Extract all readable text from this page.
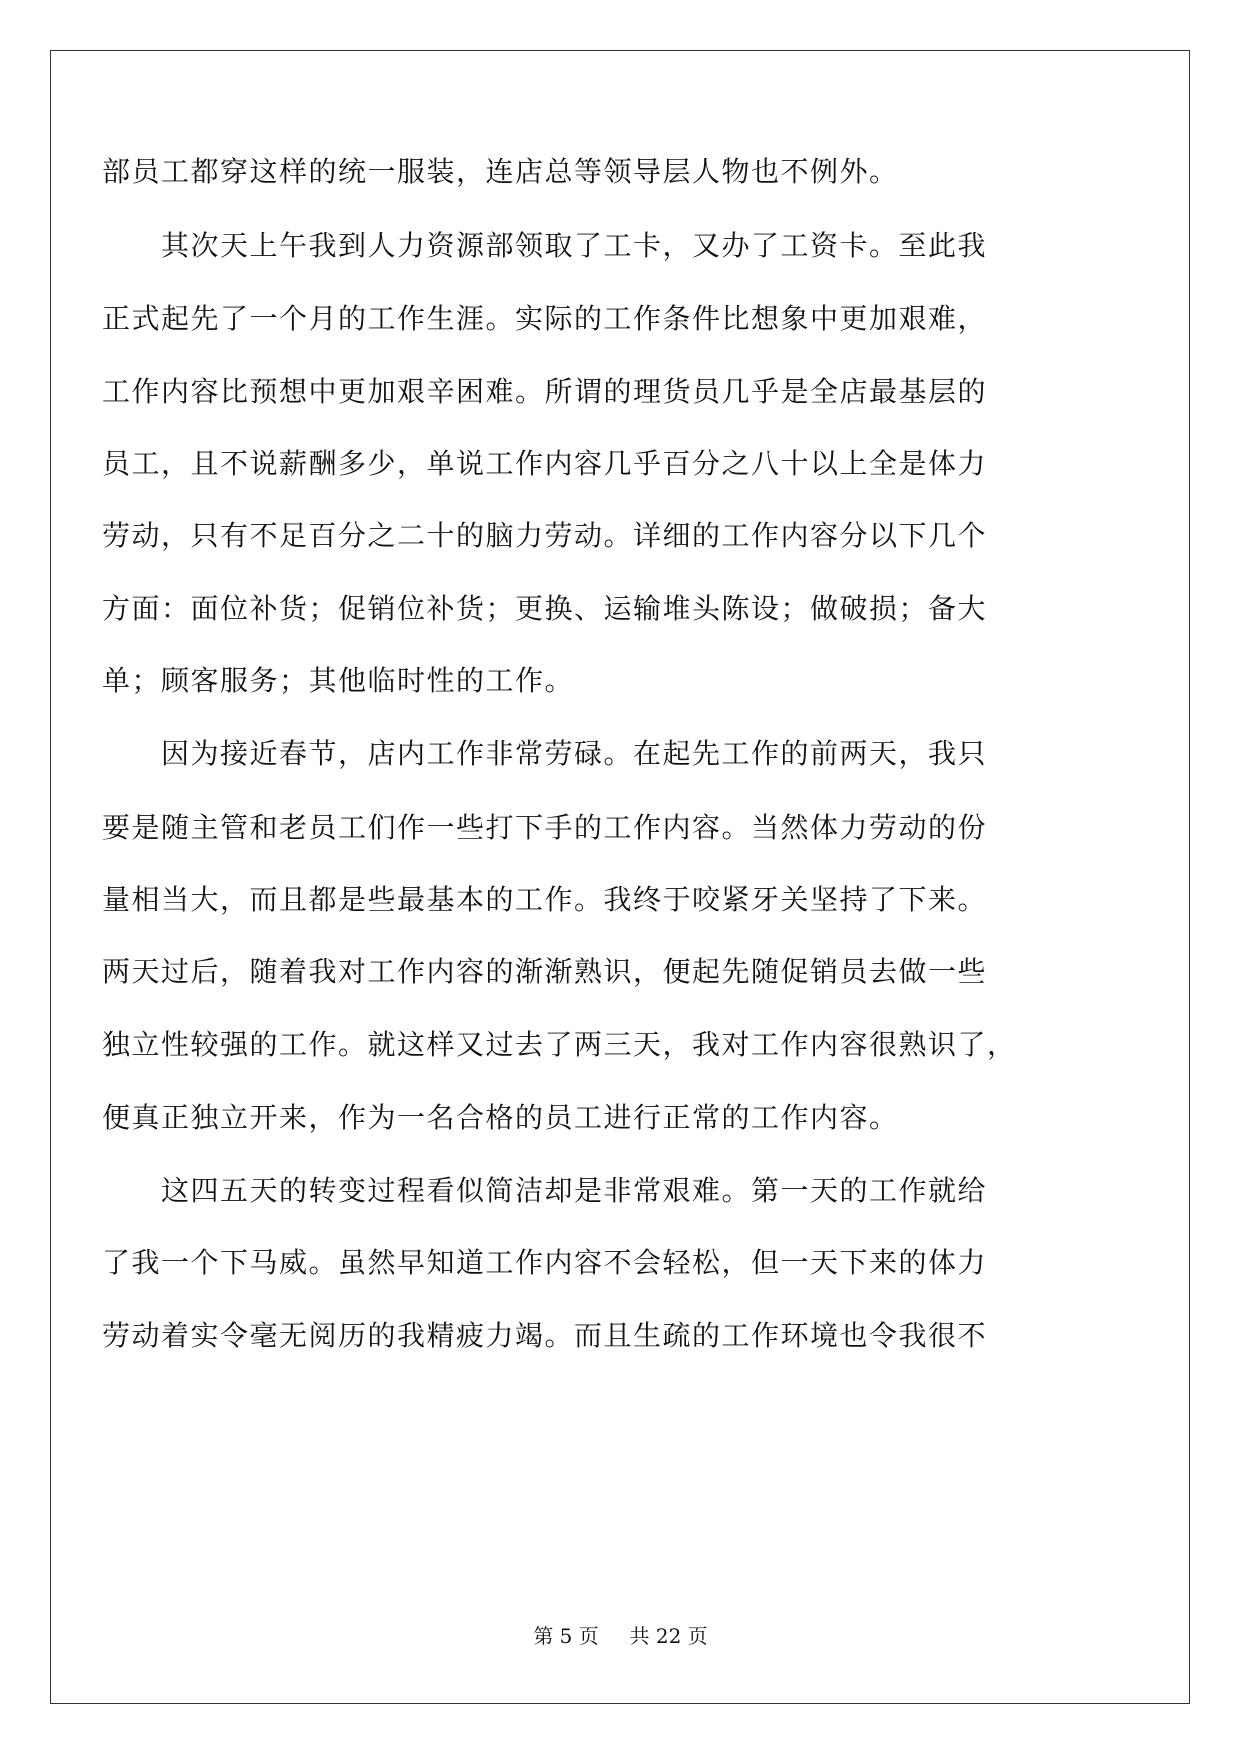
部员工都穿这样的统一服装，连店总等领导层人物也不例外。
　　其次天上午我到人力资源部领取了工卡，又办了工资卡。至此我
正式起先了一个月的工作生涯。实际的工作条件比想象中更加艰难，
工作内容比预想中更加艰辛困难。所谓的理货员几乎是全店最基层的
员工，且不说薪酬多少，单说工作内容几乎百分之八十以上全是体力
劳动，只有不足百分之二十的脑力劳动。详细的工作内容分以下几个
方面：面位补货；促销位补货；更换、运输堆头陈设；做破损；备大
单；顾客服务；其他临时性的工作。
　　因为接近春节，店内工作非常劳碌。在起先工作的前两天，我只
要是随主管和老员工们作一些打下手的工作内容。当然体力劳动的份
量相当大，而且都是些最基本的工作。我终于咬紧牙关坚持了下来。
两天过后，随着我对工作内容的渐渐熟识，便起先随促销员去做一些
独立性较强的工作。就这样又过去了两三天，我对工作内容很熟识了，
便真正独立开来，作为一名合格的员工进行正常的工作内容。
　　这四五天的转变过程看似简洁却是非常艰难。第一天的工作就给
了我一个下马威。虽然早知道工作内容不会轻松，但一天下来的体力
劳动着实令毫无阅历的我精疲力竭。而且生疏的工作环境也令我很不
第 5 页 共 22 页
